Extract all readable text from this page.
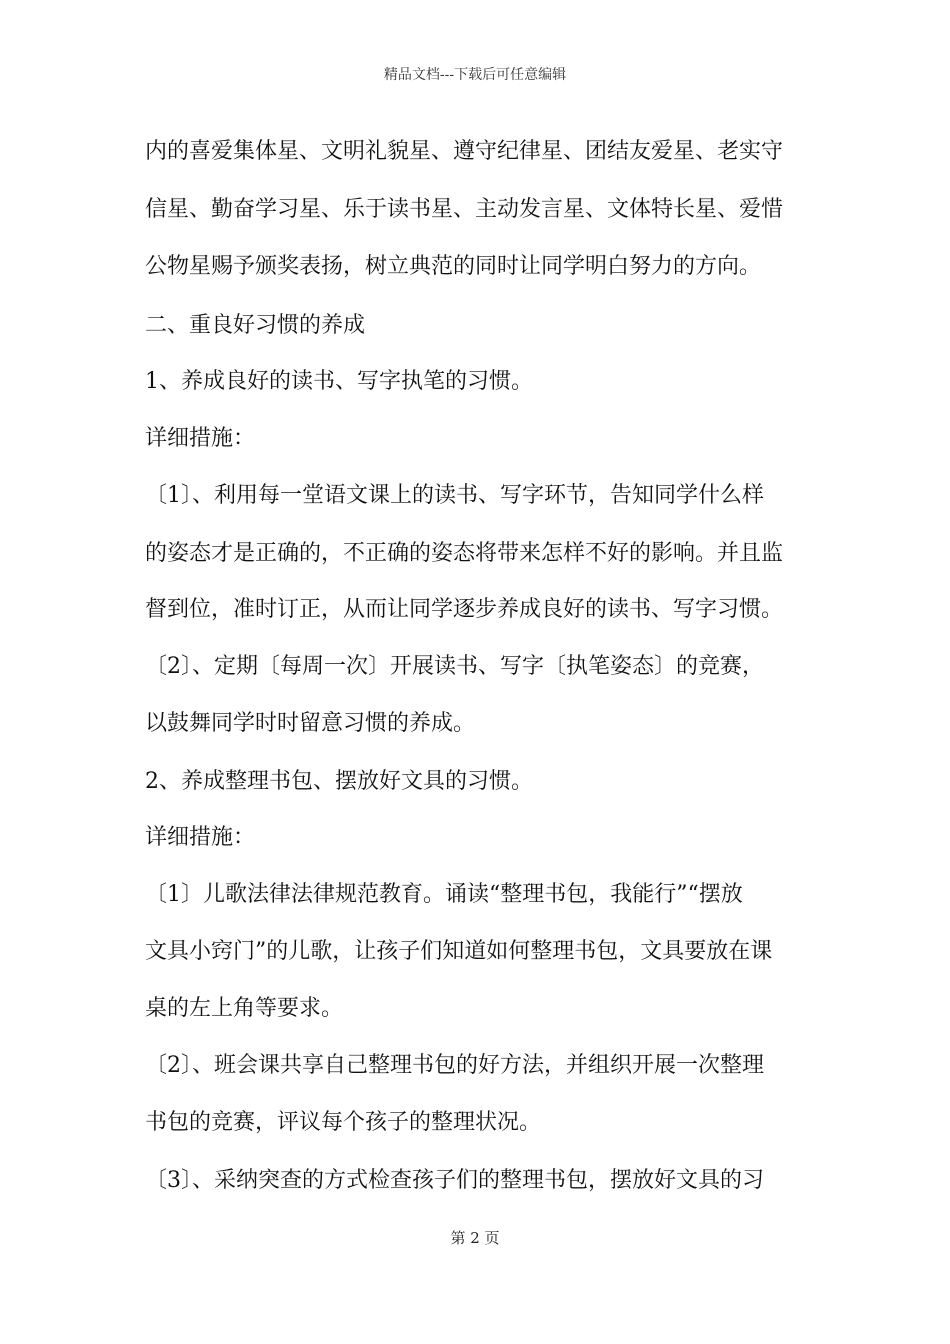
精品文档---下载后可任意编辑
内的喜爱集体星、文明礼貌星、遵守纪律星、团结友爱星、老实守
信星、勤奋学习星、乐于读书星、主动发言星、文体特长星、爱惜
公物星赐予颁奖表扬，树立典范的同时让同学明白努力的方向。
二、重良好习惯的养成
1、养成良好的读书、写字执笔的习惯。
详细措施：
〔1〕、利用每一堂语文课上的读书、写字环节，告知同学什么样
的姿态才是正确的，不正确的姿态将带来怎样不好的影响。并且监
督到位，准时订正，从而让同学逐步养成良好的读书、写字习惯。
〔2〕、定期〔每周一次〕开展读书、写字〔执笔姿态〕的竞赛，
以鼓舞同学时时留意习惯的养成。
2、养成整理书包、摆放好文具的习惯。
详细措施：
〔1〕儿歌法律法律规范教育。诵读“整理书包，我能行”“摆放
文具小窍门”的儿歌，让孩子们知道如何整理书包，文具要放在课
桌的左上角等要求。
〔2〕、班会课共享自己整理书包的好方法，并组织开展一次整理
书包的竞赛，评议每个孩子的整理状况。
〔3〕、采纳突查的方式检查孩子们的整理书包，摆放好文具的习
第 2 页
